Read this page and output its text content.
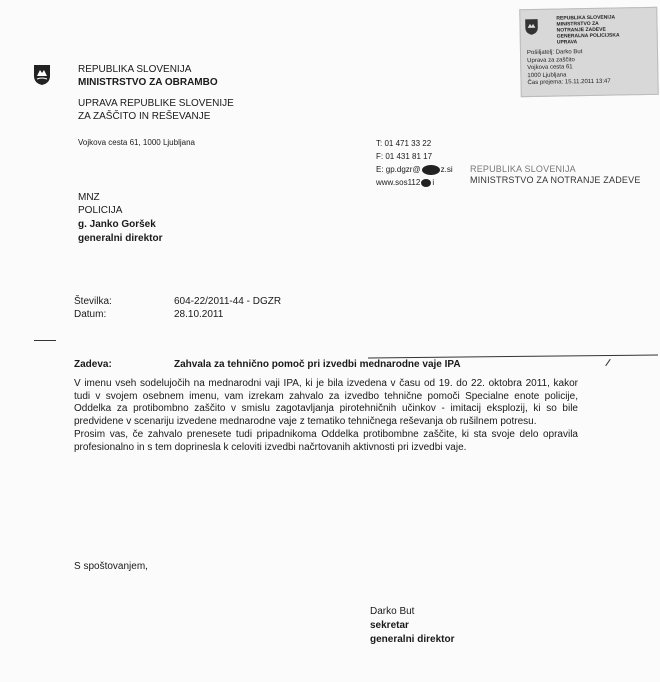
REPUBLIKA SLOVENIJA
MINISTRSTVO ZA
NOTRANJE ZADEVE
GENERALNA POLICIJSKA
UPRAVA
Pošiljatelj: Darko But
Uprava za zaščito
Vojkova cesta 61
1000 Ljubljana
Čas prejema: 15.11.2011 13:47
REPUBLIKA SLOVENIJA
MINISTRSTVO ZA OBRAMBO
UPRAVA REPUBLIKE SLOVENIJE
ZA ZAŠČITO IN REŠEVANJE
Vojkova cesta 61, 1000 Ljubljana	T: 01 471 33 22
F: 01 431 81 17
E: gp.dgzr@	z.si
www.sos112 i
REPUBLIKA SLOVENIJA
MINISTRSTVO ZA NOTRANJE ZADEVE
MNZ
POLICIJA
g. Janko Goršek
generalni direktor
Številka:	604-22/2011-44 - DGZR
Datum:	28.10.2011
Zadeva:	Zahvala za tehnično pomoč pri izvedbi mednarodne vaje IPA

V imenu vseh sodelujočih na mednarodni vaji IPA, ki je bila izvedena v času od 19. do 22. oktobra 2011, kakor tudi v svojem osebnem imenu, vam izrekam zahvalo za izvedbo tehnične pomoči Specialne enote policije, Oddelka za protibombno zaščito v smislu zagotavljanja pirotehničnih učinkov - imitacij eksplozij, ki so bile predvidene v scenariju izvedene mednarodne vaje z tematiko tehničnega reševanja ob rušilnem potresu.

Prosim vas, če zahvalo prenesete tudi pripadnikoma Oddelka protibombne zaščite, ki sta svoje delo opravila profesionalno in s tem doprinesla k celoviti izvedbi načrtovanih aktivnosti pri izvedbi vaje.

S spoštovanjem,
Darko But
sekretar
generalni direktor
